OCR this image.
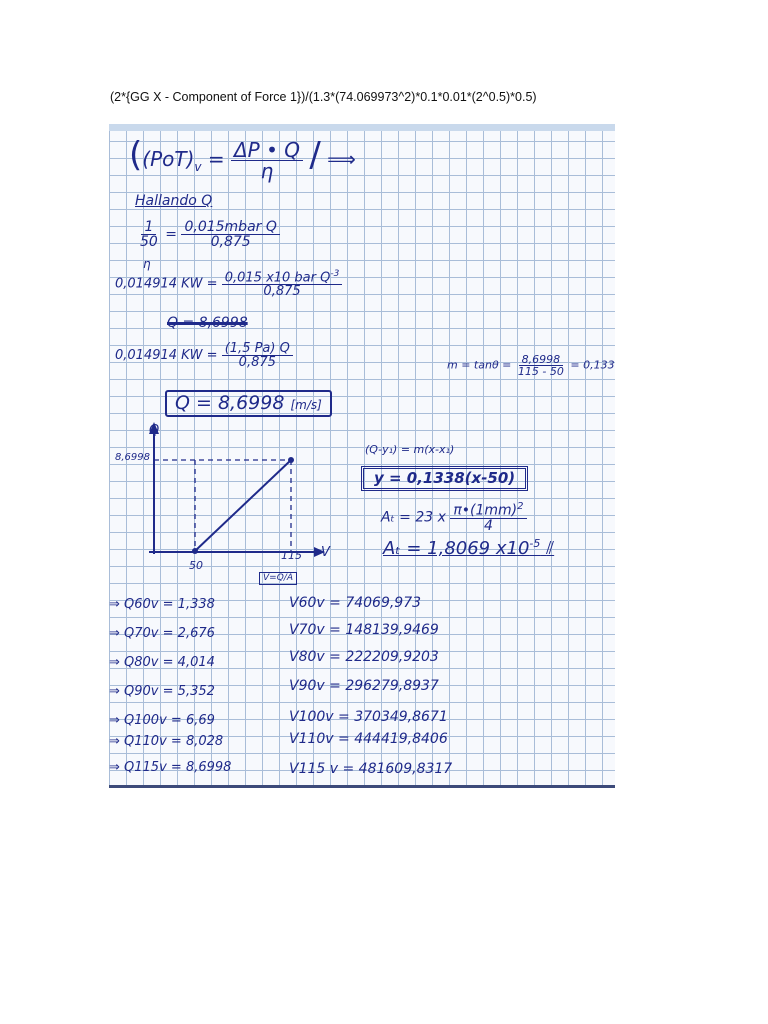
(2*{GG X - Component of Force 1})/(1.3*(74.069973^2)*0.1*0.01*(2^0.5)*0.5)
($(PoT)_v = \frac{\Delta P • Q}{\eta}$ / ⟹
Hallando Q
$\frac{1}{50} = \frac{\text{0,015mbar Q}}{0,875}$
η
0,014914 KW = $\frac{0,015 x10 bar Q^{-3}}{0,875}$
Q = 8,6998
0,014914 KW = $\frac{(1,5 Pa) Q}{0,875}$
Q = 8,6998 [m/s]
$m = \tan\theta = \frac{8,6998}{115 - 50} = 0,133$
(Q-y₁) = m(x-x₁)
y = 0,1338(x-50)
Aₜ = 23 x $\frac{\pi•(1mm)^2}{4}$
Aₜ = 1,8069 $x10^{-5}$ ⫽
Q
V
8,6998
50
115
V=Q/A
⇒ Q60v = 1,338
⇒ Q70v = 2,676
⇒ Q80v = 4,014
⇒ Q90v = 5,352
⇒ Q100v = 6,69
⇒ Q110v = 8,028
⇒ Q115v = 8,6998
V60v = 74069,973
V70v = 148139,9469
V80v = 222209,9203
V90v = 296279,8937
V100v = 370349,8671
V110v = 444419,8406
V115 v = 481609,8317
